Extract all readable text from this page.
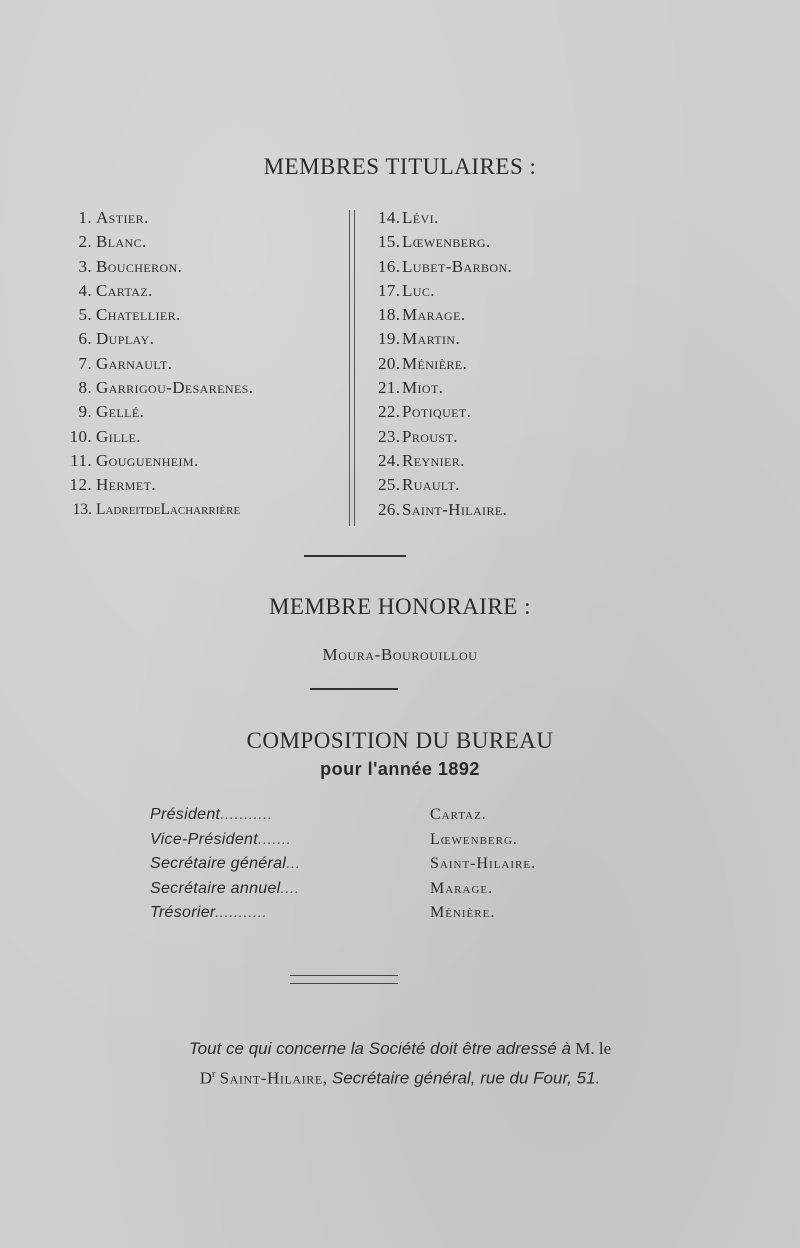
MEMBRES TITULAIRES :
1. Astier.
2. Blanc.
3. Boucheron.
4. Cartaz.
5. Chatellier.
6. Duplay.
7. Garnault.
8. Garrigou-Desarenes.
9. Gellé.
10. Gille.
11. Gouguenheim.
12. Hermet.
13. LadreitdeLacharrière
14.Lévi.
15.Lœwenberg.
16.Lubet-Barbon.
17.Luc.
18.Marage.
19.Martin.
20.Ménière.
21.Miot.
22.Potiquet.
23.Proust.
24.Reynier.
25.Ruault.
26.Saint-Hilaire.
MEMBRE HONORAIRE :
Moura-Bourouillou
COMPOSITION DU BUREAU
pour l'année 1892
Président...........	Cartaz.
Vice-Président.......	Lœwenberg.
Secrétaire général...	Saint-Hilaire.
Secrétaire annuel....	Marage.
Trésorier...........	Ménière.
Tout ce qui concerne la Société doit être adressé à M. le
$D^r$ Saint-Hilaire, Secrétaire général, rue du Four, 51.
